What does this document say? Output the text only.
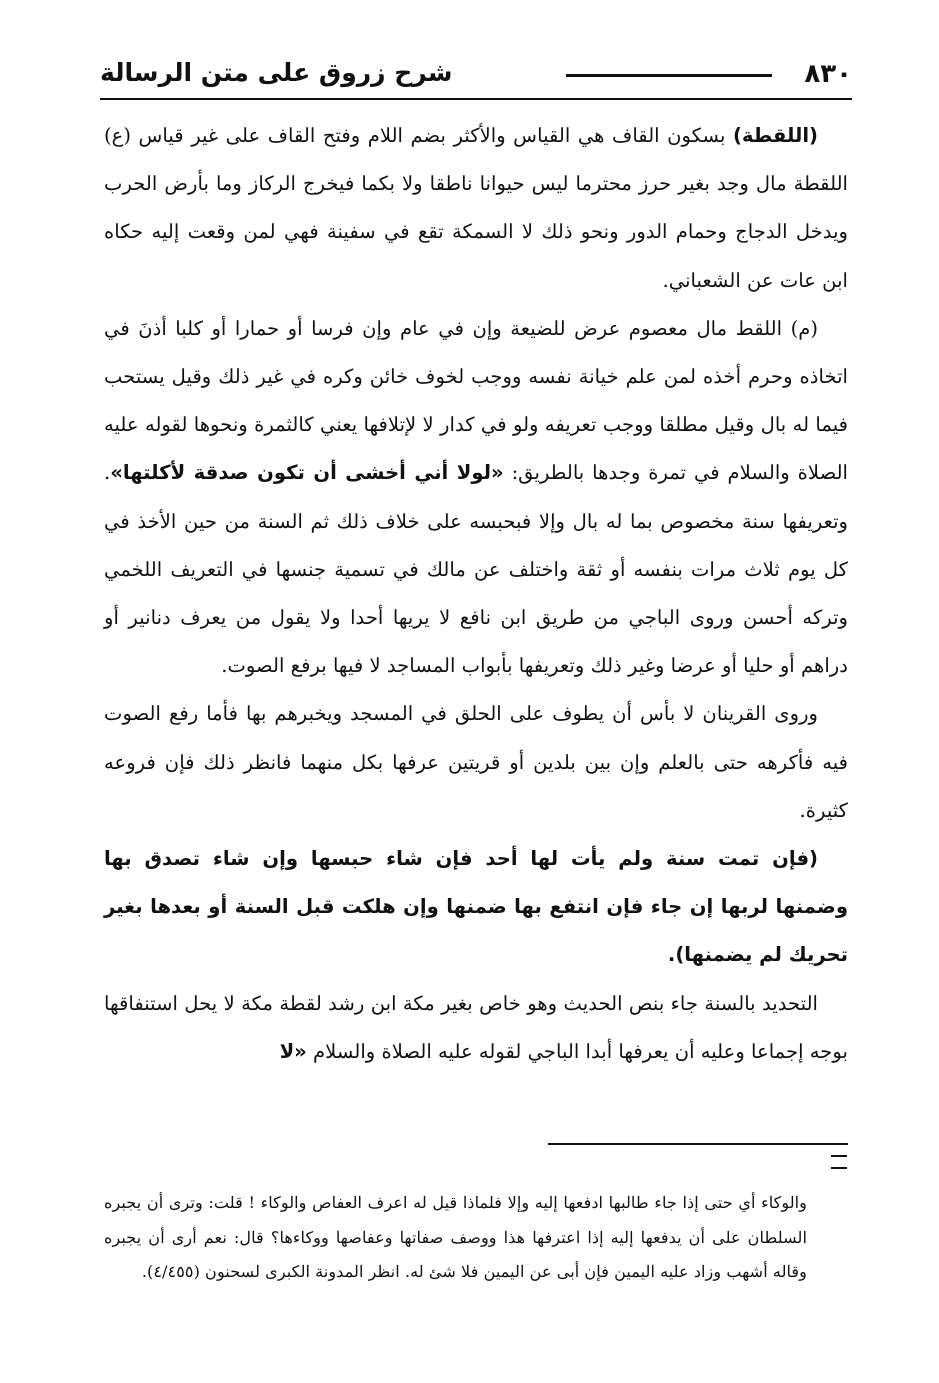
٨٣٠
شرح زروق على متن الرسالة

(اللقطة) بسكون القاف هي القياس والأكثر بضم اللام وفتح القاف على غير قياس (ع) اللقطة مال وجد بغير حرز محترما ليس حيوانا ناطقا ولا بكما فيخرج الركاز وما بأرض الحرب ويدخل الدجاج وحمام الدور ونحو ذلك لا السمكة تقع في سفينة فهي لمن وقعت إليه حكاه ابن عات عن الشعباني.

(م) اللقط مال معصوم عرض للضيعة وإن في عام وإن فرسا أو حمارا أو كلبا أذنَ في اتخاذه وحرم أخذه لمن علم خيانة نفسه ووجب لخوف خائن وكره في غير ذلك وقيل يستحب فيما له بال وقيل مطلقا ووجب تعريفه ولو في كدار لا لإتلافها يعني كالثمرة ونحوها لقوله عليه الصلاة والسلام في تمرة وجدها بالطريق: «لولا أني أخشى أن تكون صدقة لأكلتها». وتعريفها سنة مخصوص بما له بال وإلا فبحبسه على خلاف ذلك ثم السنة من حين الأخذ في كل يوم ثلاث مرات بنفسه أو ثقة واختلف عن مالك في تسمية جنسها في التعريف اللخمي وتركه أحسن وروى الباجي من طريق ابن نافع لا يريها أحدا ولا يقول من يعرف دنانير أو دراهم أو حليا أو عرضا وغير ذلك وتعريفها بأبواب المساجد لا فيها برفع الصوت.

وروى القرينان لا بأس أن يطوف على الحلق في المسجد ويخبرهم بها فأما رفع الصوت فيه فأكرهه حتى بالعلم وإن بين بلدين أو قريتين عرفها بكل منهما فانظر ذلك فإن فروعه كثيرة.

(فإن تمت سنة ولم يأت لها أحد فإن شاء حبسها وإن شاء تصدق بها وضمنها لربها إن جاء فإن انتفع بها ضمنها وإن هلكت قبل السنة أو بعدها بغير تحريك لم يضمنها).

التحديد بالسنة جاء بنص الحديث وهو خاص بغير مكة ابن رشد لقطة مكة لا يحل استنفاقها بوجه إجماعا وعليه أن يعرفها أبدا الباجي لقوله عليه الصلاة والسلام «لا

والوكاء أي حتى إذا جاء طالبها ادفعها إليه وإلا فلماذا قيل له اعرف العفاص والوكاء ! قلت: وترى أن يجبره السلطان على أن يدفعها إليه إذا اعترفها هذا ووصف صفاتها وعفاصها ووكاءها؟ قال: نعم أرى أن يجبره وقاله أشهب وزاد عليه اليمين فإن أبى عن اليمين فلا شئ له. انظر المدونة الكبرى لسحنون (٤/٤٥٥).
